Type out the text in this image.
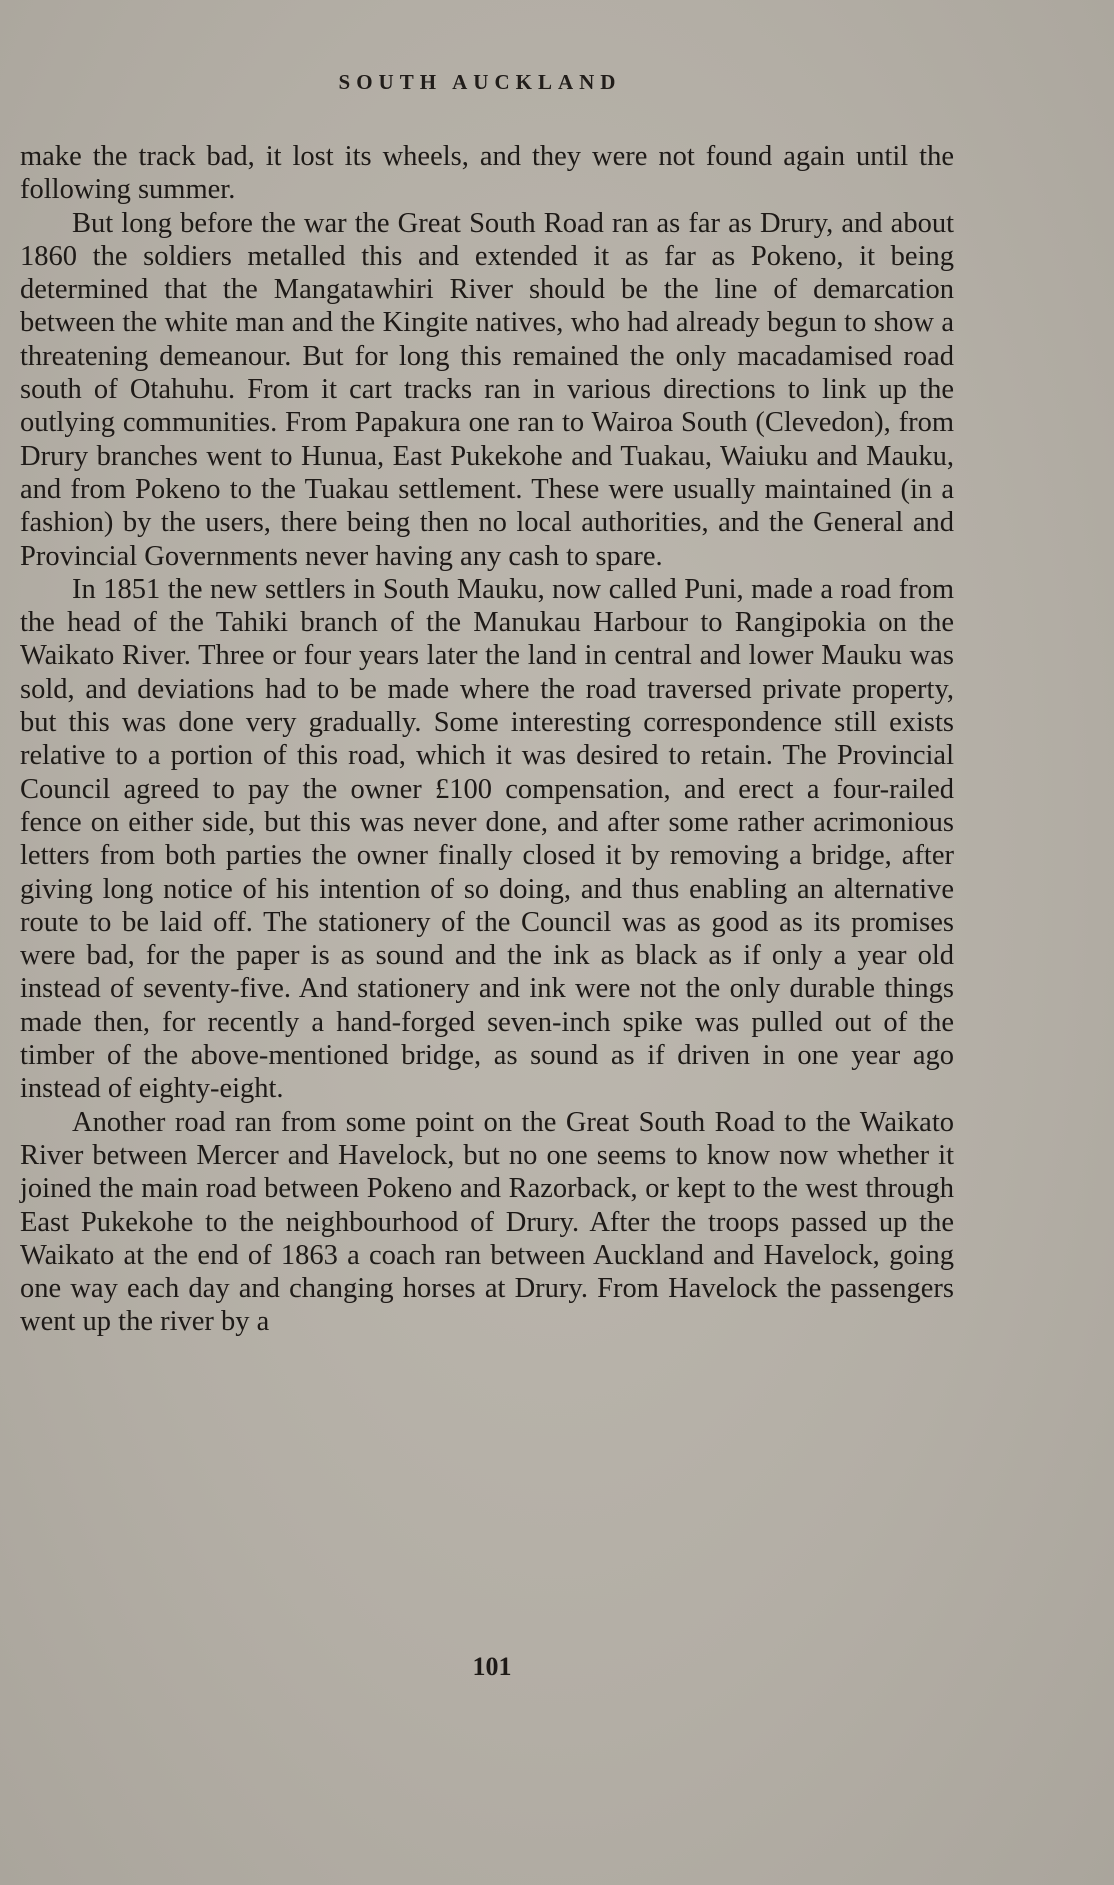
SOUTH AUCKLAND

make the track bad, it lost its wheels, and they were not found again until the following summer.

But long before the war the Great South Road ran as far as Drury, and about 1860 the soldiers metalled this and extended it as far as Pokeno, it being determined that the Mangatawhiri River should be the line of demarcation between the white man and the Kingite natives, who had already begun to show a threatening demeanour. But for long this remained the only macadamised road south of Otahuhu. From it cart tracks ran in various directions to link up the outlying communities. From Papakura one ran to Wairoa South (Clevedon), from Drury branches went to Hunua, East Pukekohe and Tuakau, Waiuku and Mauku, and from Pokeno to the Tuakau settlement. These were usually maintained (in a fashion) by the users, there being then no local authorities, and the General and Provincial Governments never having any cash to spare.

In 1851 the new settlers in South Mauku, now called Puni, made a road from the head of the Tahiki branch of the Manukau Harbour to Rangipokia on the Waikato River. Three or four years later the land in central and lower Mauku was sold, and deviations had to be made where the road traversed private property, but this was done very gradually. Some interesting correspondence still exists relative to a portion of this road, which it was desired to retain. The Provincial Council agreed to pay the owner £100 compensation, and erect a four-railed fence on either side, but this was never done, and after some rather acrimonious letters from both parties the owner finally closed it by removing a bridge, after giving long notice of his intention of so doing, and thus enabling an alternative route to be laid off. The stationery of the Council was as good as its promises were bad, for the paper is as sound and the ink as black as if only a year old instead of seventy-five. And stationery and ink were not the only durable things made then, for recently a hand-forged seven-inch spike was pulled out of the timber of the above-mentioned bridge, as sound as if driven in one year ago instead of eighty-eight.

Another road ran from some point on the Great South Road to the Waikato River between Mercer and Havelock, but no one seems to know now whether it joined the main road between Pokeno and Razorback, or kept to the west through East Pukekohe to the neighbourhood of Drury. After the troops passed up the Waikato at the end of 1863 a coach ran between Auckland and Havelock, going one way each day and changing horses at Drury. From Havelock the passengers went up the river by a

101
